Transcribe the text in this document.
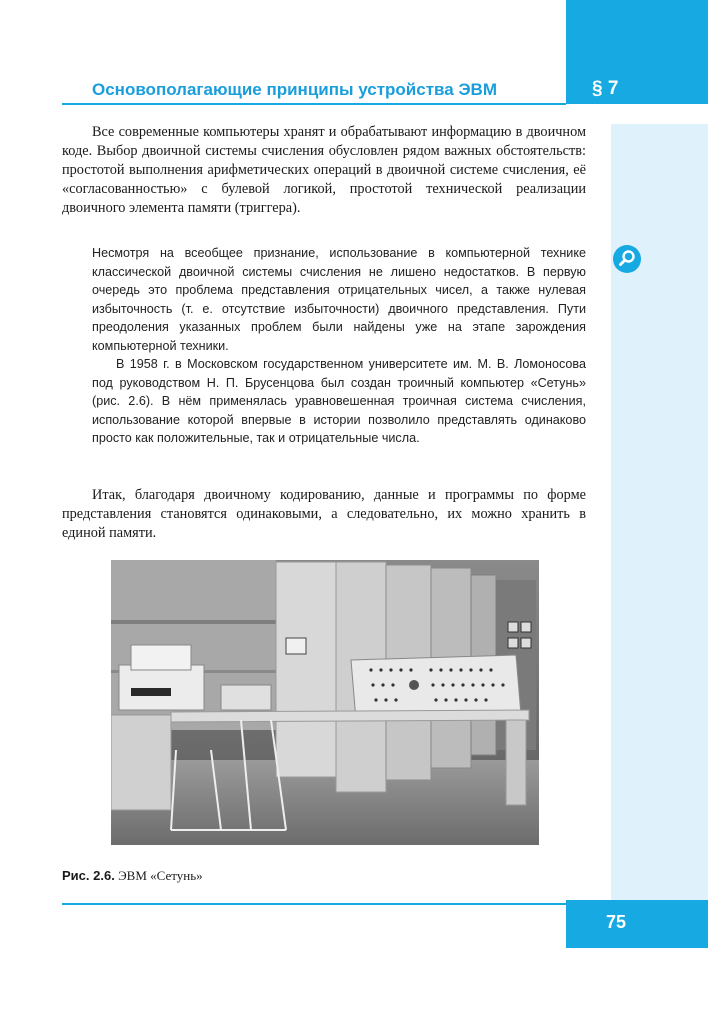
§ 7
Основополагающие принципы устройства ЭВМ

Все современные компьютеры хранят и обрабатывают информацию в двоичном коде. Выбор двоичной системы счисления обусловлен рядом важных обстоятельств: простотой выполнения арифметических операций в двоичной системе счисления, её «согласованностью» с булевой логикой, простотой технической реализации двоичного элемента памяти (триггера).

Несмотря на всеобщее признание, использование в компьютерной технике классической двоичной системы счисления не лишено недостатков. В первую очередь это проблема представления отрицательных чисел, а также нулевая избыточность (т. е. отсутствие избыточности) двоичного представления. Пути преодоления указанных проблем были найдены уже на этапе зарождения компьютерной техники.

В 1958 г. в Московском государственном университете им. М. В. Ломоносова под руководством Н. П. Брусенцова был создан троичный компьютер «Сетунь» (рис. 2.6). В нём применялась уравновешенная троичная система счисления, использование которой впервые в истории позволило представлять одинаково просто как положительные, так и отрицательные числа.

Итак, благодаря двоичному кодированию, данные и программы по форме представления становятся одинаковыми, а следовательно, их можно хранить в единой памяти.

Рис. 2.6. ЭВМ «Сетунь»
75
